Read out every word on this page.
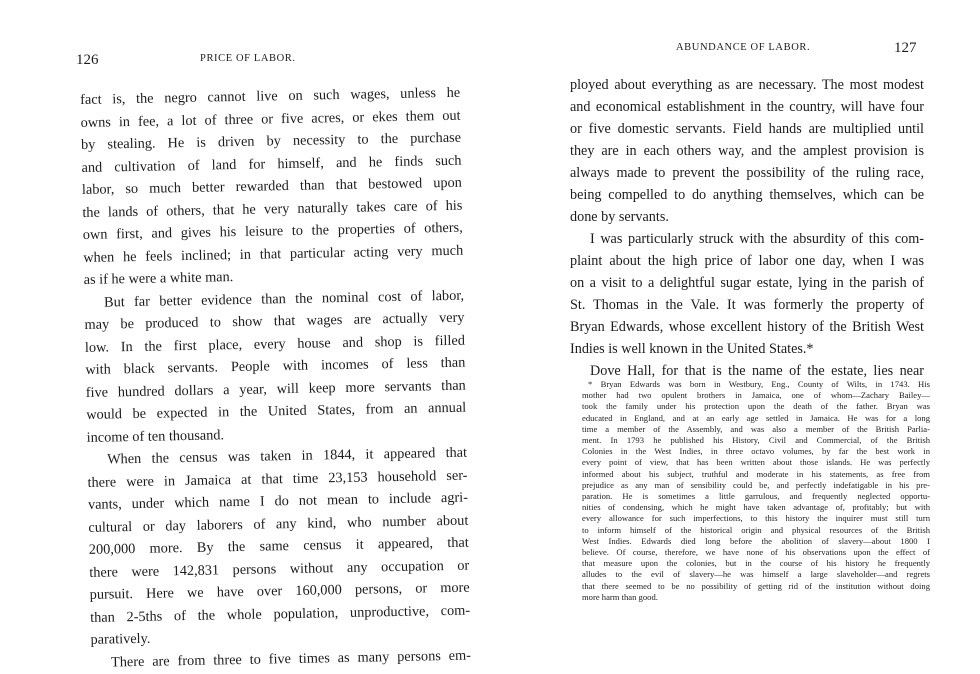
126	PRICE OF LABOR.
fact is, the negro cannot live on such wages, unless he
owns in fee, a lot of three or five acres, or ekes them out
by stealing. He is driven by necessity to the purchase
and cultivation of land for himself, and he finds such
labor, so much better rewarded than that bestowed upon
the lands of others, that he very naturally takes care of his
own first, and gives his leisure to the properties of others,
when he feels inclined; in that particular acting very much
as if he were a white man.
But far better evidence than the nominal cost of labor,
may be produced to show that wages are actually very
low. In the first place, every house and shop is filled
with black servants. People with incomes of less than
five hundred dollars a year, will keep more servants than
would be expected in the United States, from an annual
income of ten thousand.
When the census was taken in 1844, it appeared that
there were in Jamaica at that time 23,153 household ser-
vants, under which name I do not mean to include agri-
cultural or day laborers of any kind, who number about
200,000 more. By the same census it appeared, that
there were 142,831 persons without any occupation or
pursuit. Here we have over 160,000 persons, or more
than 2-5ths of the whole population, unproductive, com-
paratively.
There are from three to five times as many persons em-
ABUNDANCE OF LABOR.	127
ployed about everything as are necessary. The most modest
and economical establishment in the country, will have four
or five domestic servants. Field hands are multiplied until
they are in each others way, and the amplest provision is
always made to prevent the possibility of the ruling race,
being compelled to do anything themselves, which can be
done by servants.
I was particularly struck with the absurdity of this com-
plaint about the high price of labor one day, when I was
on a visit to a delightful sugar estate, lying in the parish of
St. Thomas in the Vale. It was formerly the property of
Bryan Edwards, whose excellent history of the British West
Indies is well known in the United States.*
Dove Hall, for that is the name of the estate, lies near
* Bryan Edwards was born in Westbury, Eng., County of Wilts, in 1743. His
mother had two opulent brothers in Jamaica, one of whom—Zachary Bailey—
took the family under his protection upon the death of the father. Bryan was
educated in England, and at an early age settled in Jamaica. He was for a long
time a member of the Assembly, and was also a member of the British Parlia-
ment. In 1793 he published his History, Civil and Commercial, of the British
Colonies in the West Indies, in three octavo volumes, by far the best work in
every point of view, that has been written about those islands. He was perfectly
informed about his subject, truthful and moderate in his statements, as free from
prejudice as any man of sensibility could be, and perfectly indefatigable in his pre-
paration. He is sometimes a little garrulous, and frequently neglected opportu-
nities of condensing, which he might have taken advantage of, profitably; but with
every allowance for such imperfections, to this history the inquirer must still turn
to inform himself of the historical origin and physical resources of the British
West Indies. Edwards died long before the abolition of slavery—about 1800 I
believe. Of course, therefore, we have none of his observations upon the effect of
that measure upon the colonies, but in the course of his history he frequently
alludes to the evil of slavery—he was himself a large slaveholder—and regrets
that there seemed to be no possibility of getting rid of the institution without doing
more harm than good.
